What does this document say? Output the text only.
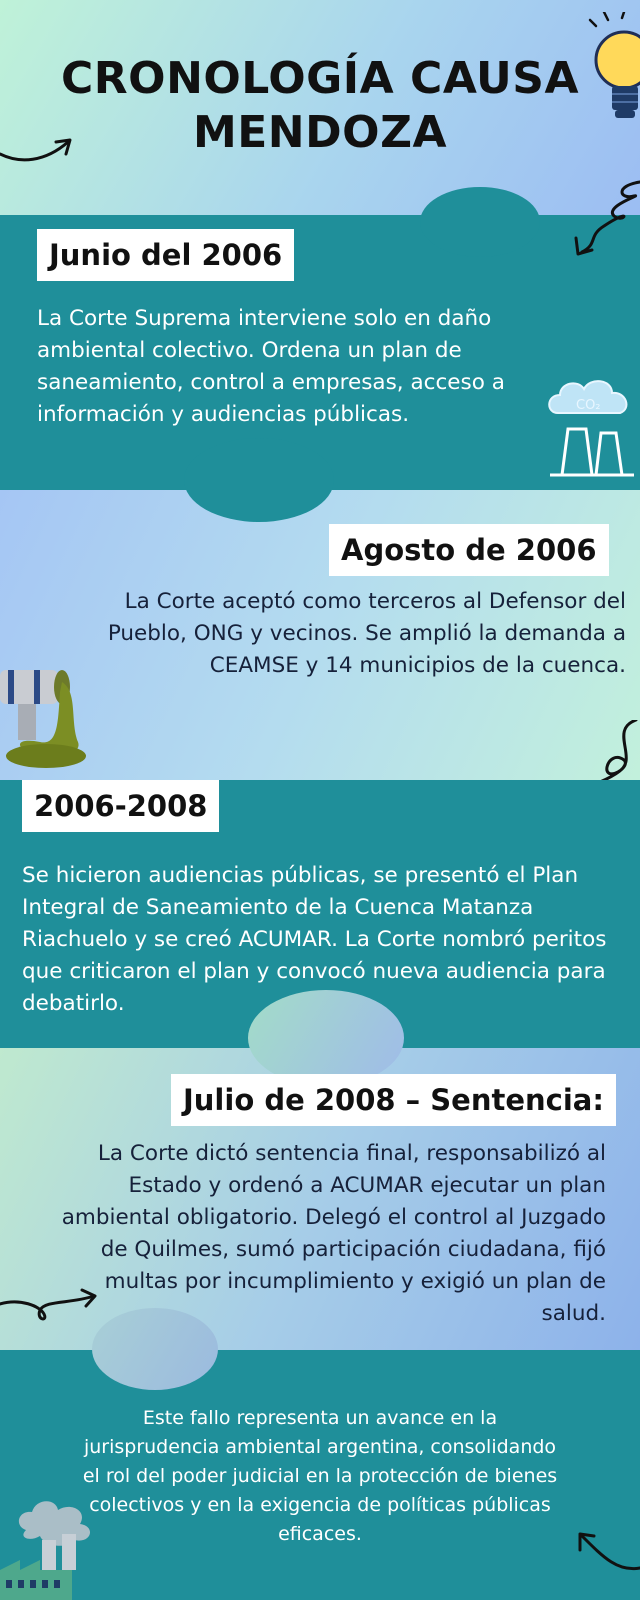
CRONOLOGÍA CAUSA
MENDOZA
Junio del 2006
La Corte Suprema interviene solo en daño ambiental colectivo. Ordena un plan de saneamiento, control a empresas, acceso a información y audiencias públicas.	CO₂
Agosto de 2006
La Corte aceptó como terceros al Defensor del Pueblo, ONG y vecinos. Se amplió la demanda a CEAMSE y 14 municipios de la cuenca.
2006-2008
Se hicieron audiencias públicas, se presentó el Plan Integral de Saneamiento de la Cuenca Matanza Riachuelo y se creó ACUMAR. La Corte nombró peritos que criticaron el plan y convocó nueva audiencia para debatirlo.
Julio de 2008 – Sentencia:
La Corte dictó sentencia final, responsabilizó al Estado y ordenó a ACUMAR ejecutar un plan ambiental obligatorio. Delegó el control al Juzgado de Quilmes, sumó participación ciudadana, fijó multas por incumplimiento y exigió un plan de salud.
Este fallo representa un avance en la jurisprudencia ambiental argentina, consolidando el rol del poder judicial en la protección de bienes colectivos y en la exigencia de políticas públicas eficaces.
